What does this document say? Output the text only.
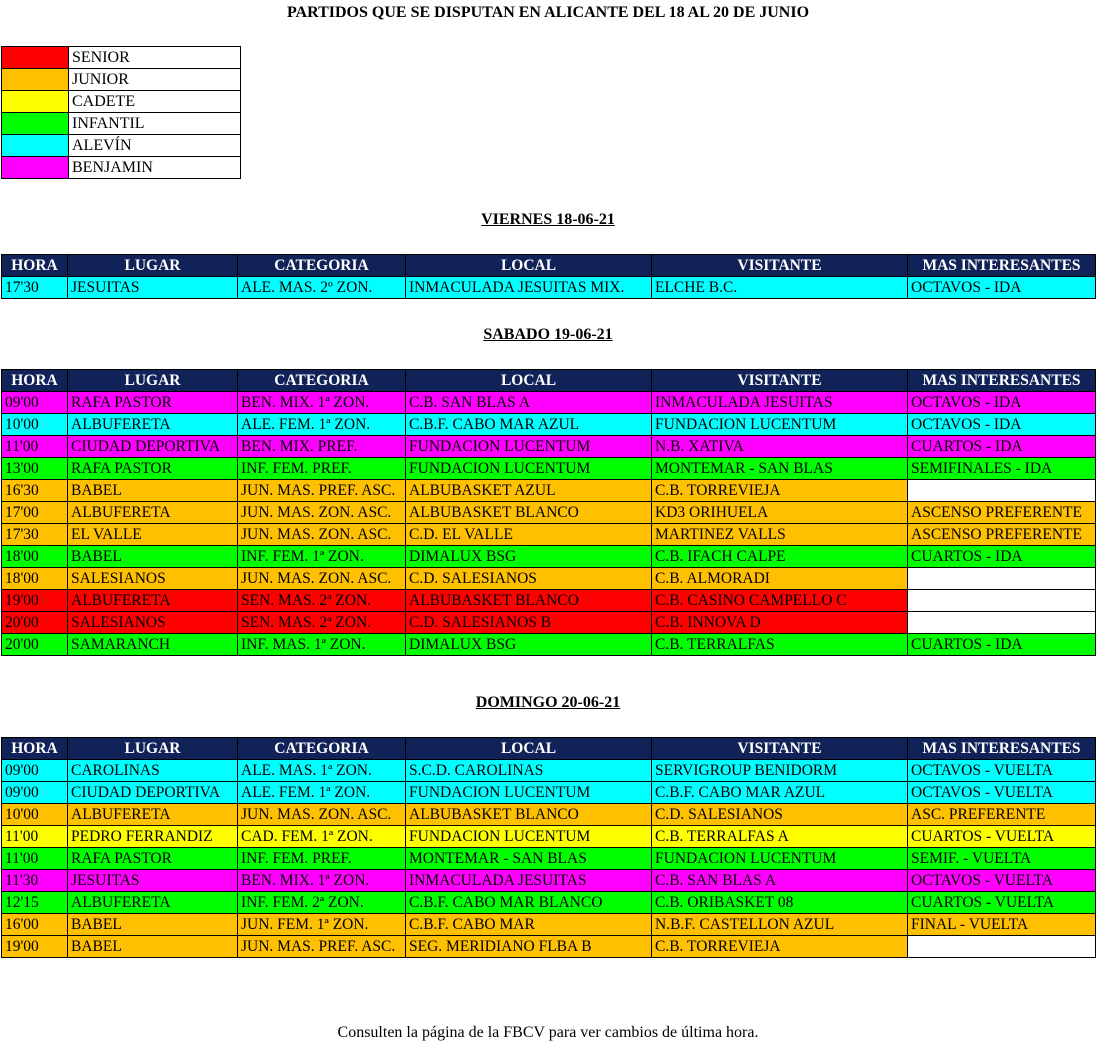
PARTIDOS QUE SE DISPUTAN EN ALICANTE DEL 18 AL 20 DE JUNIO
	SENIOR
	JUNIOR
	CADETE
	INFANTIL
	ALEVÍN
	BENJAMIN
VIERNES 18-06-21
HORA	LUGAR	CATEGORIA	LOCAL	VISITANTE	MAS INTERESANTES
17'30	JESUITAS	ALE. MAS. 2º ZON.	INMACULADA JESUITAS MIX.	ELCHE B.C.	OCTAVOS - IDA
SABADO 19-06-21
HORA	LUGAR	CATEGORIA	LOCAL	VISITANTE	MAS INTERESANTES
09'00	RAFA PASTOR	BEN. MIX. 1ª ZON.	C.B. SAN BLAS A	INMACULADA JESUITAS	OCTAVOS - IDA
10'00	ALBUFERETA	ALE. FEM. 1ª ZON.	C.B.F. CABO MAR AZUL	FUNDACION LUCENTUM	OCTAVOS - IDA
11'00	CIUDAD DEPORTIVA	BEN. MIX. PREF.	FUNDACION LUCENTUM	N.B. XATIVA	CUARTOS - IDA
13'00	RAFA PASTOR	INF. FEM. PREF.	FUNDACION LUCENTUM	MONTEMAR - SAN BLAS	SEMIFINALES - IDA
16'30	BABEL	JUN. MAS. PREF. ASC.	ALBUBASKET AZUL	C.B. TORREVIEJA	
17'00	ALBUFERETA	JUN. MAS. ZON. ASC.	ALBUBASKET BLANCO	KD3 ORIHUELA	ASCENSO PREFERENTE
17'30	EL VALLE	JUN. MAS. ZON. ASC.	C.D. EL VALLE	MARTINEZ VALLS	ASCENSO PREFERENTE
18'00	BABEL	INF. FEM. 1ª ZON.	DIMALUX BSG	C.B. IFACH CALPE	CUARTOS - IDA
18'00	SALESIANOS	JUN. MAS. ZON. ASC.	C.D. SALESIANOS	C.B. ALMORADI	
19'00	ALBUFERETA	SEN. MAS. 2ª ZON.	ALBUBASKET BLANCO	C.B. CASINO CAMPELLO C	
20'00	SALESIANOS	SEN. MAS. 2ª ZON.	C.D. SALESIANOS B	C.B. INNOVA D	
20'00	SAMARANCH	INF. MAS. 1ª ZON.	DIMALUX BSG	C.B. TERRALFAS	CUARTOS - IDA
DOMINGO 20-06-21
HORA	LUGAR	CATEGORIA	LOCAL	VISITANTE	MAS INTERESANTES
09'00	CAROLINAS	ALE. MAS. 1ª ZON.	S.C.D. CAROLINAS	SERVIGROUP BENIDORM	OCTAVOS - VUELTA
09'00	CIUDAD DEPORTIVA	ALE. FEM. 1ª ZON.	FUNDACION LUCENTUM	C.B.F. CABO MAR AZUL	OCTAVOS - VUELTA
10'00	ALBUFERETA	JUN. MAS. ZON. ASC.	ALBUBASKET BLANCO	C.D. SALESIANOS	ASC. PREFERENTE
11'00	PEDRO FERRANDIZ	CAD. FEM. 1ª ZON.	FUNDACION LUCENTUM	C.B. TERRALFAS A	CUARTOS - VUELTA
11'00	RAFA PASTOR	INF. FEM. PREF.	MONTEMAR - SAN BLAS	FUNDACION LUCENTUM	SEMIF. - VUELTA
11'30	JESUITAS	BEN. MIX. 1ª ZON.	INMACULADA JESUITAS	C.B. SAN BLAS A	OCTAVOS - VUELTA
12'15	ALBUFERETA	INF. FEM. 2ª ZON.	C.B.F. CABO MAR BLANCO	C.B. ORIBASKET 08	CUARTOS - VUELTA
16'00	BABEL	JUN. FEM. 1ª ZON.	C.B.F. CABO MAR	N.B.F. CASTELLON AZUL	FINAL - VUELTA
19'00	BABEL	JUN. MAS. PREF. ASC.	SEG. MERIDIANO FLBA B	C.B. TORREVIEJA	
Consulten la página de la FBCV para ver cambios de última hora.
